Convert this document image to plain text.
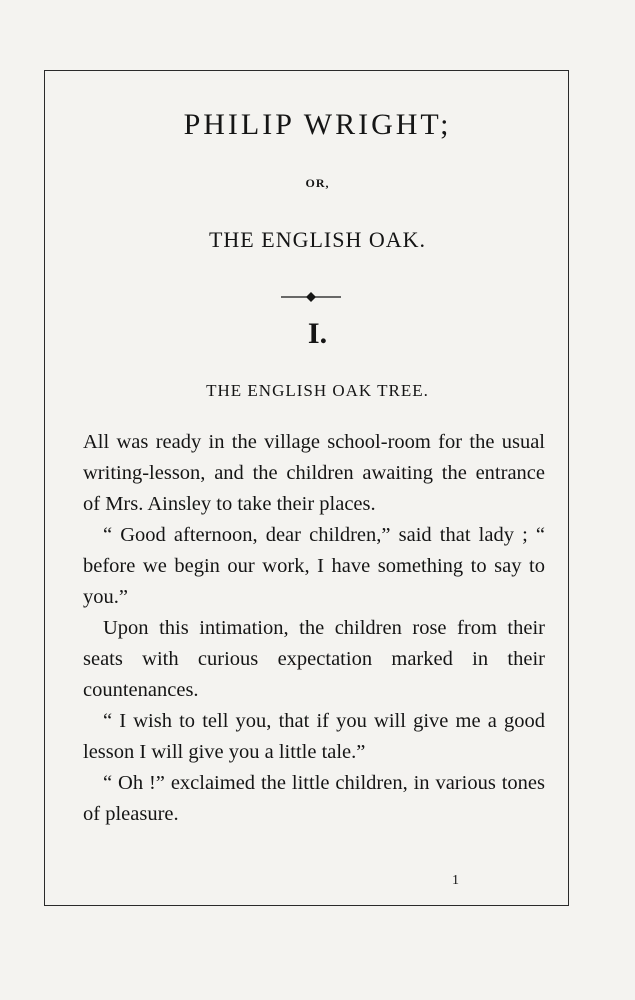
PHILIP WRIGHT;
OR,
THE ENGLISH OAK.
I.
THE ENGLISH OAK TREE.

All was ready in the village school-room for the usual writing-lesson, and the children awaiting the entrance of Mrs. Ainsley to take their places.

“ Good afternoon, dear children,” said that lady ; “ before we begin our work, I have something to say to you.”

Upon this intimation, the children rose from their seats with curious expectation marked in their countenances.

“ I wish to tell you, that if you will give me a good lesson I will give you a little tale.”

“ Oh !” exclaimed the little children, in various tones of pleasure.

1
